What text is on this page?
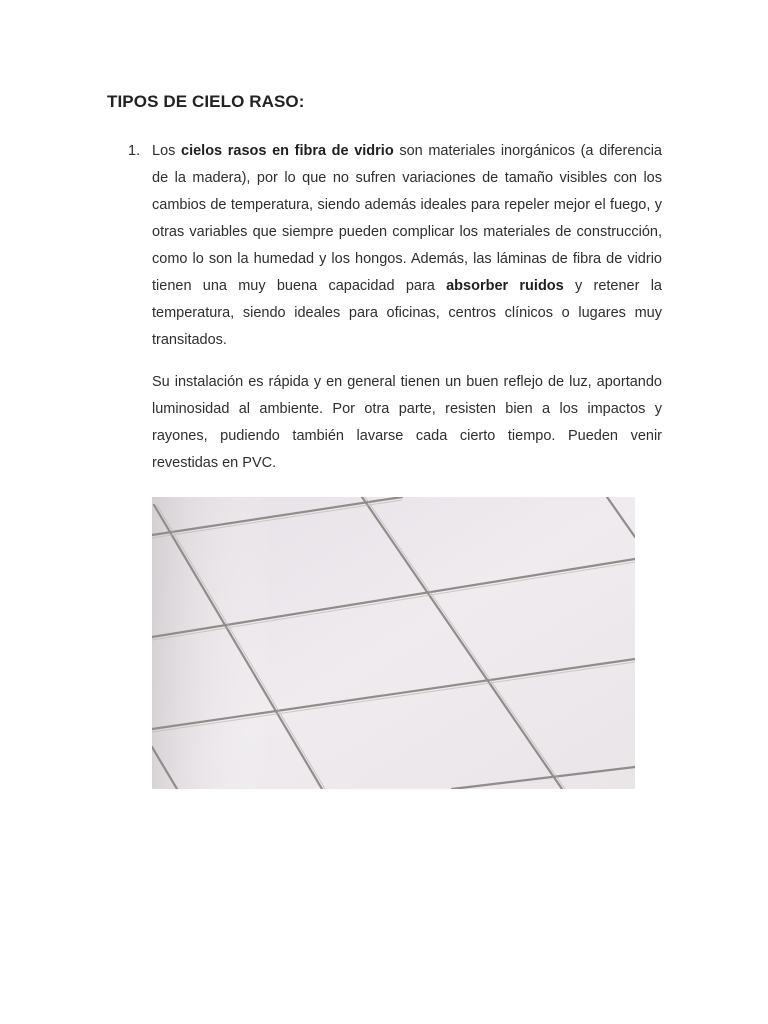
TIPOS DE CIELO RASO:
1. Los cielos rasos en fibra de vidrio son materiales inorgánicos (a diferencia de la madera), por lo que no sufren variaciones de tamaño visibles con los cambios de temperatura, siendo además ideales para repeler mejor el fuego, y otras variables que siempre pueden complicar los materiales de construcción, como lo son la humedad y los hongos. Además, las láminas de fibra de vidrio tienen una muy buena capacidad para absorber ruidos y retener la temperatura, siendo ideales para oficinas, centros clínicos o lugares muy transitados.

Su instalación es rápida y en general tienen un buen reflejo de luz, aportando luminosidad al ambiente. Por otra parte, resisten bien a los impactos y rayones, pudiendo también lavarse cada cierto tiempo. Pueden venir revestidas en PVC.
